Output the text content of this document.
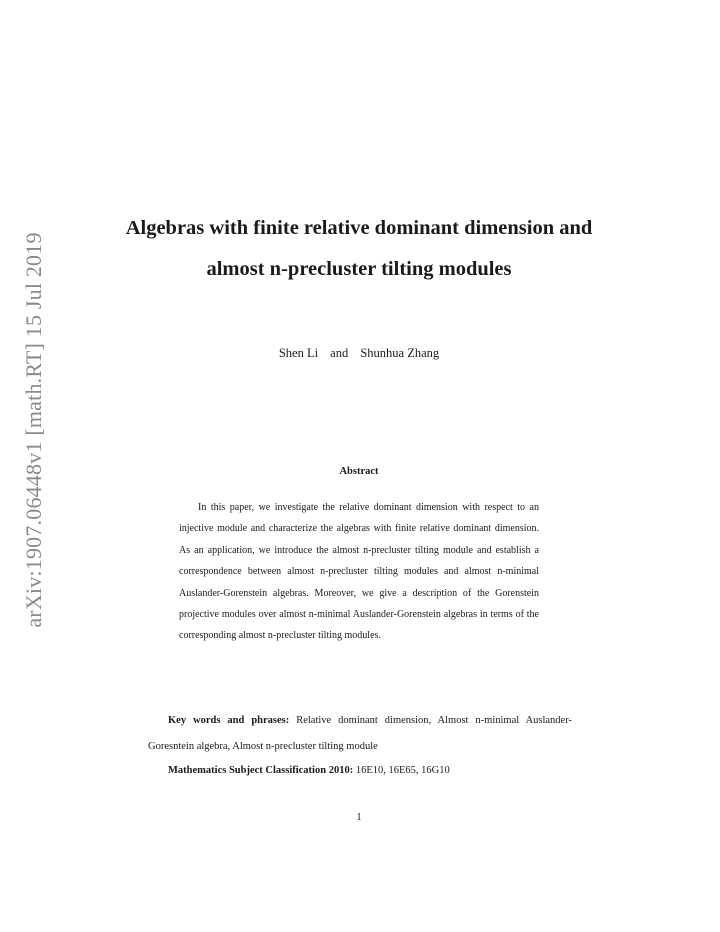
arXiv:1907.06448v1 [math.RT] 15 Jul 2019
Algebras with finite relative dominant dimension and almost n-precluster tilting modules
Shen Li and Shunhua Zhang
Abstract
In this paper, we investigate the relative dominant dimension with respect to an injective module and characterize the algebras with finite relative dominant dimension. As an application, we introduce the almost n-precluster tilting module and establish a correspondence between almost n-precluster tilting modules and almost n-minimal Auslander-Gorenstein algebras. Moreover, we give a description of the Gorenstein projective modules over almost n-minimal Auslander-Gorenstein algebras in terms of the corresponding almost n-precluster tilting modules.
Key words and phrases: Relative dominant dimension, Almost n-minimal Auslander-Goresntein algebra, Almost n-precluster tilting module
Mathematics Subject Classification 2010: 16E10, 16E65, 16G10
1
